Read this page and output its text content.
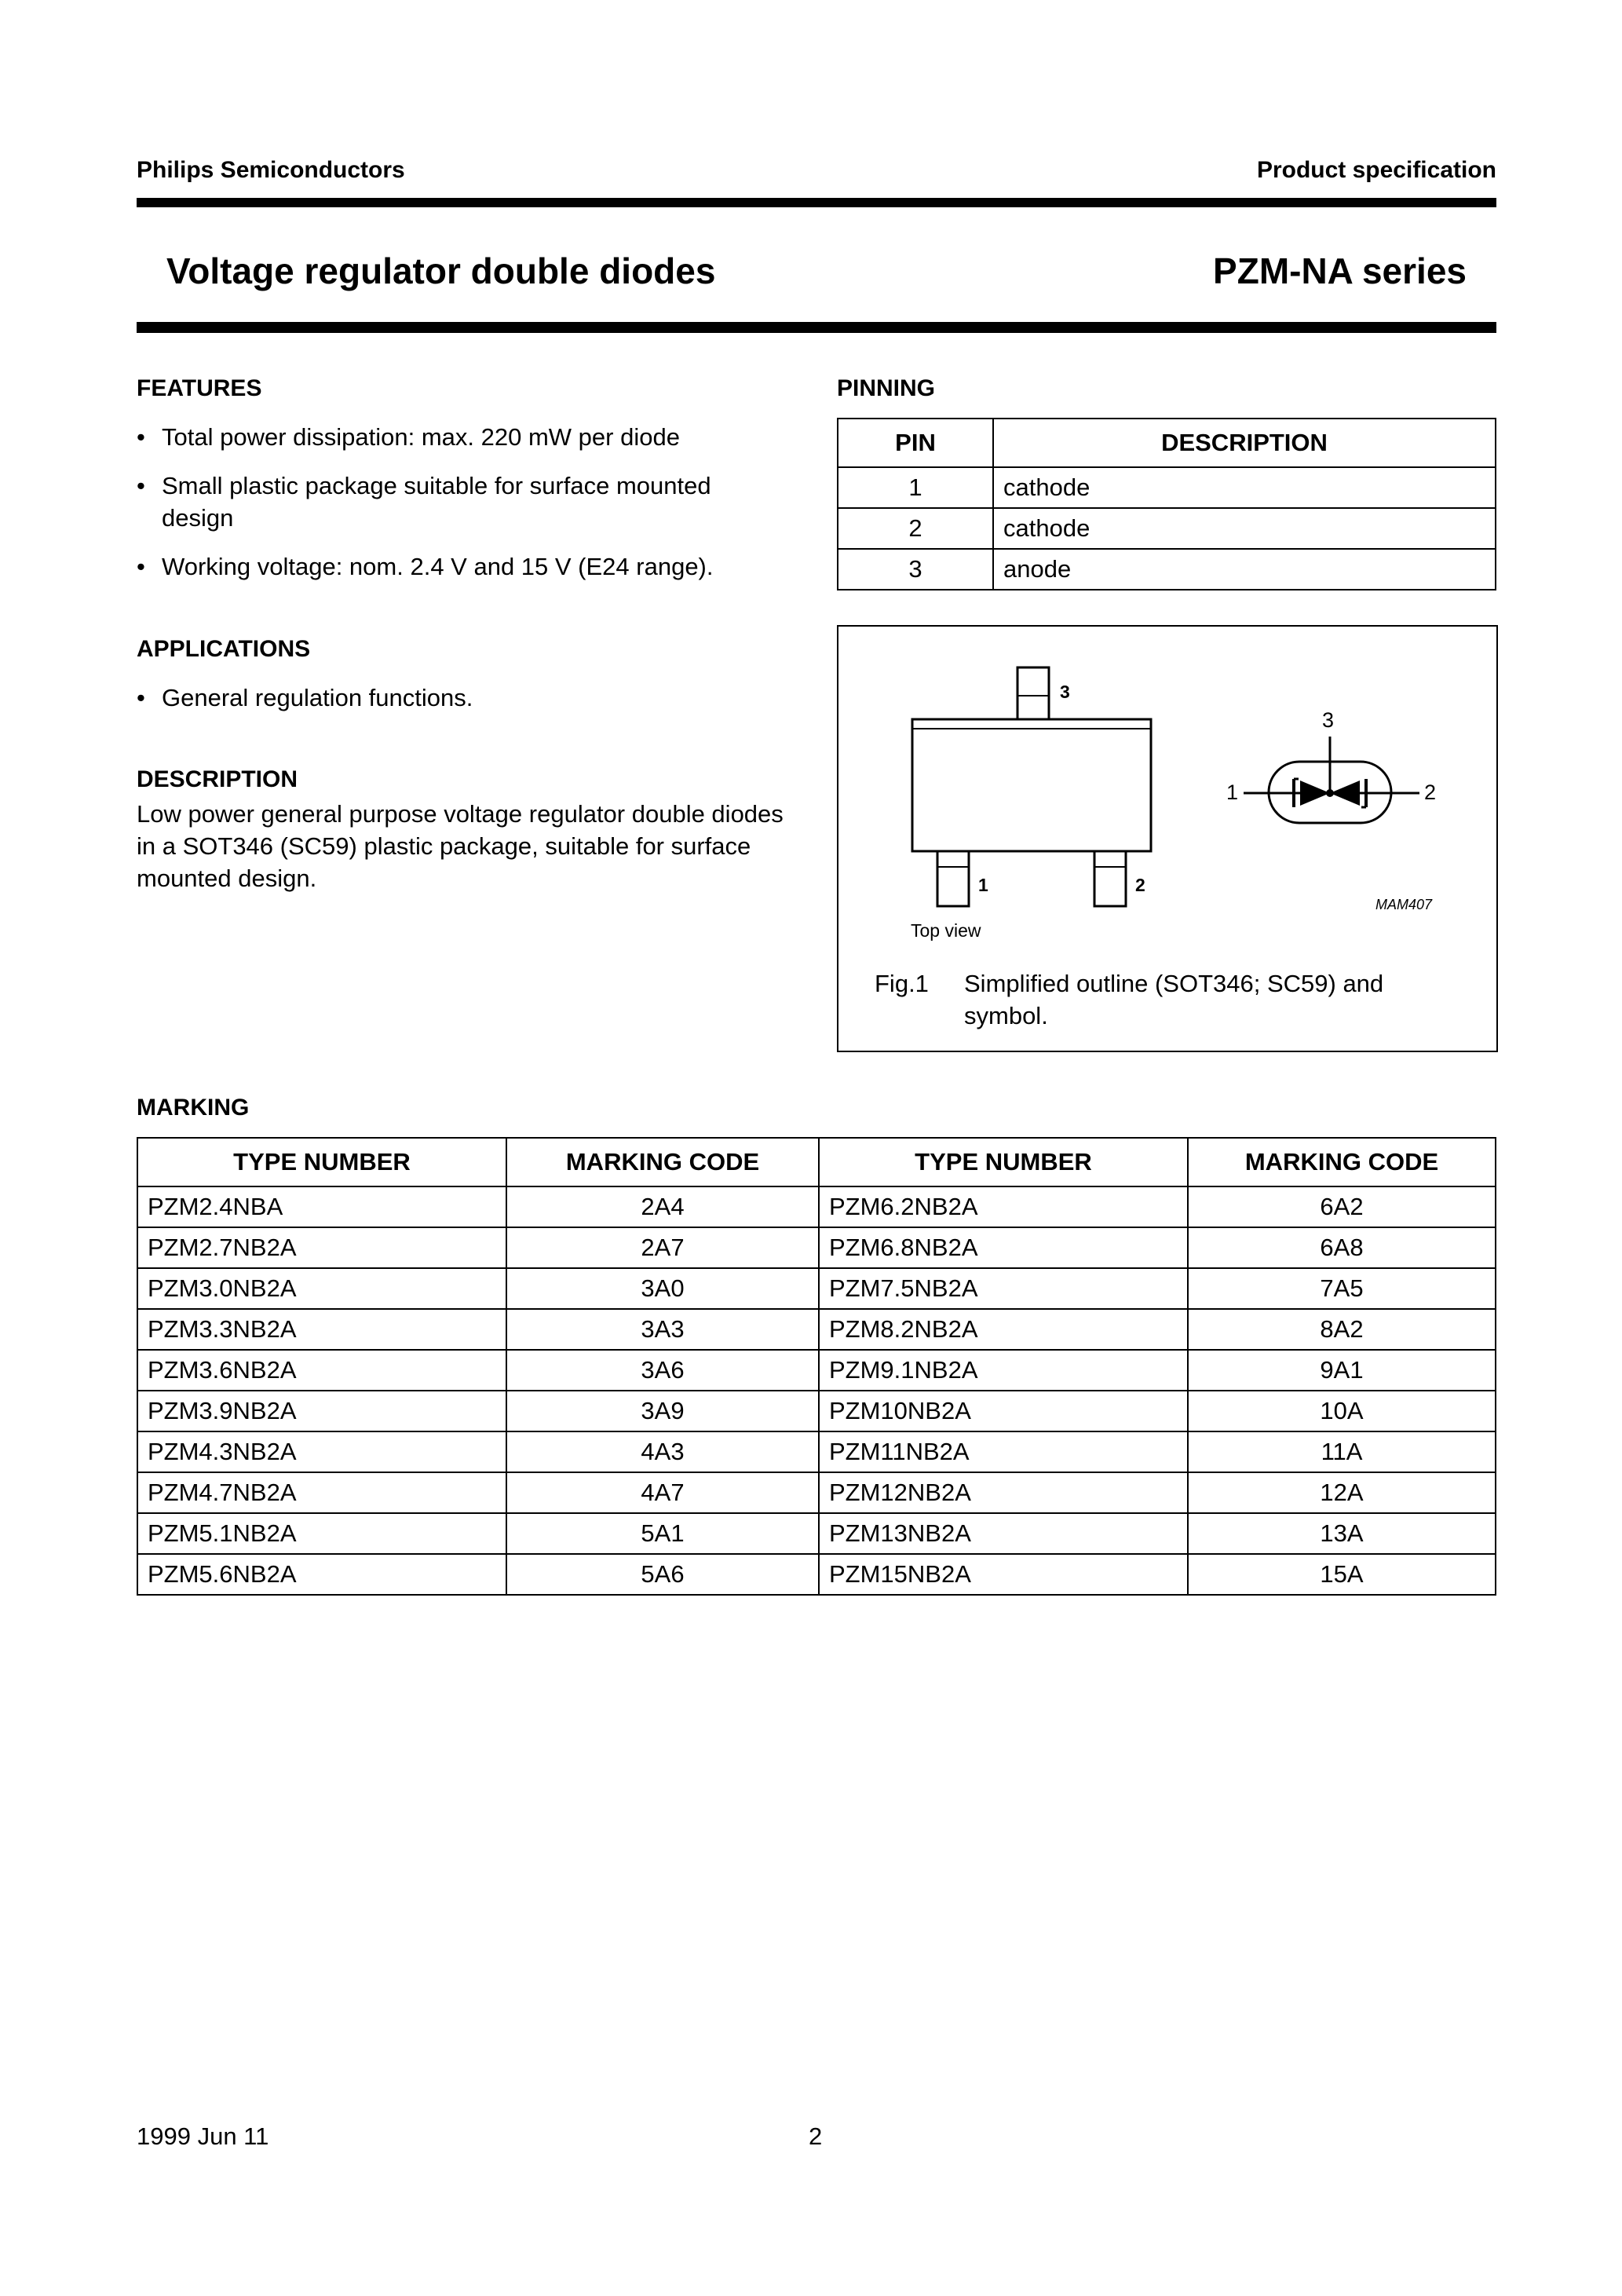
Philips Semiconductors	Product specification
Voltage regulator double diodes	PZM-NA series
FEATURES
• Total power dissipation: max. 220 mW per diode
• Small plastic package suitable for surface mounted design
• Working voltage: nom. 2.4 V and 15 V (E24 range).
APPLICATIONS
• General regulation functions.
DESCRIPTION
Low power general purpose voltage regulator double diodes in a SOT346 (SC59) plastic package, suitable for surface mounted design.
PINNING
PIN	DESCRIPTION
1	cathode
2	cathode
3	anode
3
1	2
Top view
3
1	2
MAM407
Fig.1 Simplified outline (SOT346; SC59) and symbol.
MARKING
TYPE NUMBER	MARKING CODE	TYPE NUMBER	MARKING CODE
PZM2.4NBA	2A4	PZM6.2NB2A	6A2
PZM2.7NB2A	2A7	PZM6.8NB2A	6A8
PZM3.0NB2A	3A0	PZM7.5NB2A	7A5
PZM3.3NB2A	3A3	PZM8.2NB2A	8A2
PZM3.6NB2A	3A6	PZM9.1NB2A	9A1
PZM3.9NB2A	3A9	PZM10NB2A	10A
PZM4.3NB2A	4A3	PZM11NB2A	11A
PZM4.7NB2A	4A7	PZM12NB2A	12A
PZM5.1NB2A	5A1	PZM13NB2A	13A
PZM5.6NB2A	5A6	PZM15NB2A	15A
1999 Jun 11	2
